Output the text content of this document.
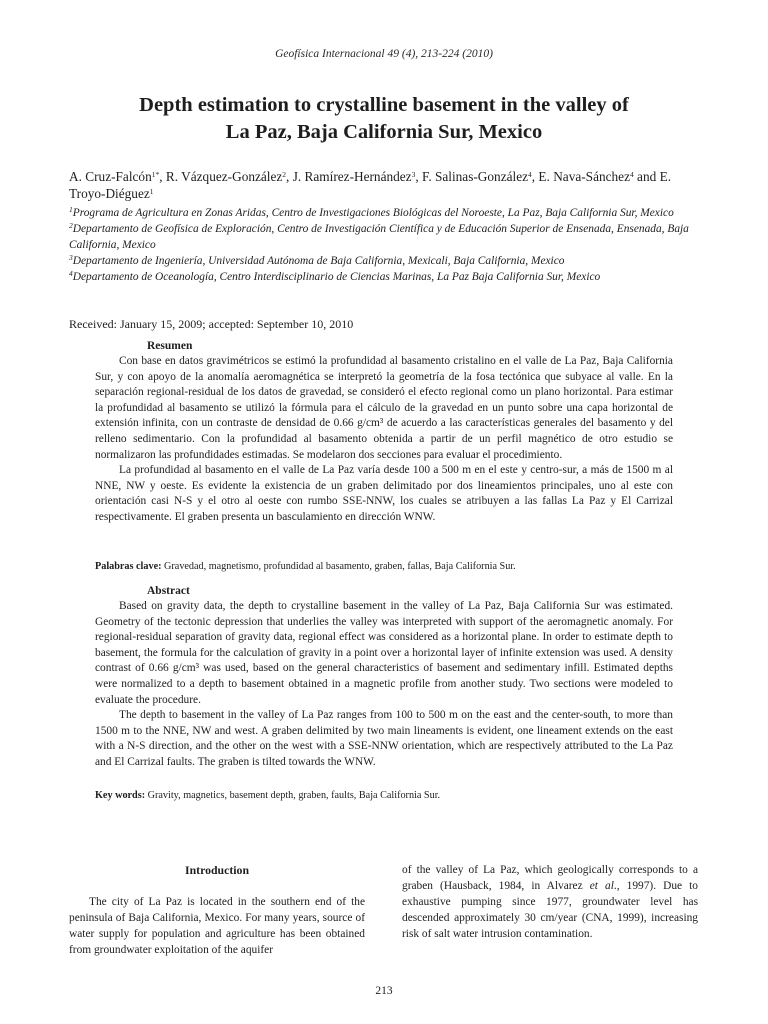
Geofísica Internacional 49 (4), 213-224 (2010)
Depth estimation to crystalline basement in the valley of
La Paz, Baja California Sur, Mexico
A. Cruz-Falcón$^{1*}$, R. Vázquez-González$^2$, J. Ramírez-Hernández$^3$, F. Salinas-González$^4$, E. Nava-Sánchez$^4$ and E. Troyo-Diéguez$^1$

$^1$Programa de Agricultura en Zonas Aridas, Centro de Investigaciones Biológicas del Noroeste, La Paz, Baja California Sur, Mexico

$^2$Departamento de Geofísica de Exploración, Centro de Investigación Científica y de Educación Superior de Ensenada, Ensenada, Baja California, Mexico

$^3$Departamento de Ingeniería, Universidad Autónoma de Baja California, Mexicali, Baja California, Mexico

$^4$Departamento de Oceanología, Centro Interdisciplinario de Ciencias Marinas, La Paz Baja California Sur, Mexico

Received: January 15, 2009; accepted: September 10, 2010
Resumen

Con base en datos gravimétricos se estimó la profundidad al basamento cristalino en el valle de La Paz, Baja California Sur, y con apoyo de la anomalía aeromagnética se interpretó la geometría de la fosa tectónica que subyace al valle. En la separación regional-residual de los datos de gravedad, se consideró el efecto regional como un plano horizontal. Para estimar la profundidad al basamento se utilizó la fórmula para el cálculo de la gravedad en un punto sobre una capa horizontal de extensión infinita, con un contraste de densidad de 0.66 g/cm³ de acuerdo a las características generales del basamento y del relleno sedimentario. Con la profundidad al basamento obtenida a partir de un perfil magnético de otro estudio se normalizaron las profundidades estimadas. Se modelaron dos secciones para evaluar el procedimiento.

La profundidad al basamento en el valle de La Paz varía desde 100 a 500 m en el este y centro-sur, a más de 1500 m al NNE, NW y oeste. Es evidente la existencia de un graben delimitado por dos lineamientos principales, uno al este con orientación casi N-S y el otro al oeste con rumbo SSE-NNW, los cuales se atribuyen a las fallas La Paz y El Carrizal respectivamente. El graben presenta un basculamiento en dirección WNW.

Palabras clave: Gravedad, magnetismo, profundidad al basamento, graben, fallas, Baja California Sur.
Abstract

Based on gravity data, the depth to crystalline basement in the valley of La Paz, Baja California Sur was estimated. Geometry of the tectonic depression that underlies the valley was interpreted with support of the aeromagnetic anomaly. For regional-residual separation of gravity data, regional effect was considered as a horizontal plane. In order to estimate depth to basement, the formula for the calculation of gravity in a point over a horizontal layer of infinite extension was used. A density contrast of 0.66 g/cm³ was used, based on the general characteristics of basement and sedimentary infill. Estimated depths were normalized to a depth to basement obtained in a magnetic profile from another study. Two sections were modeled to evaluate the procedure.

The depth to basement in the valley of La Paz ranges from 100 to 500 m on the east and the center-south, to more than 1500 m to the NNE, NW and west. A graben delimited by two main lineaments is evident, one lineament extends on the east with a N-S direction, and the other on the west with a SSE-NNW orientation, which are respectively attributed to the La Paz and El Carrizal faults. The graben is tilted towards the WNW.

Key words: Gravity, magnetics, basement depth, graben, faults, Baja California Sur.
Introduction

The city of La Paz is located in the southern end of the peninsula of Baja California, Mexico. For many years, source of water supply for population and agriculture has been obtained from groundwater exploitation of the aquifer

of the valley of La Paz, which geologically corresponds to a graben (Hausback, 1984, in Alvarez et al., 1997). Due to exhaustive pumping since 1977, groundwater level has descended approximately 30 cm/year (CNA, 1999), increasing risk of salt water intrusion contamination.

213
